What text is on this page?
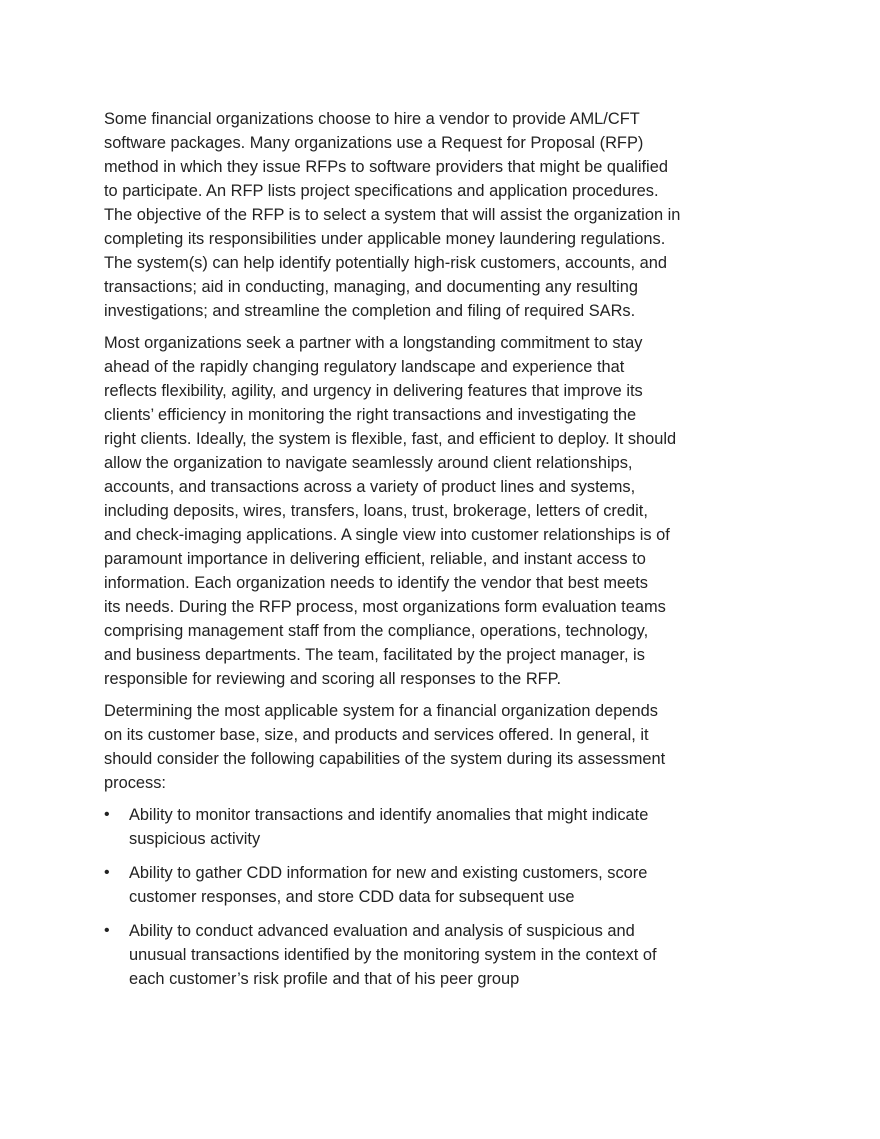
Some financial organizations choose to hire a vendor to provide AML/CFT
software packages. Many organizations use a Request for Proposal (RFP)
method in which they issue RFPs to software providers that might be qualified
to participate. An RFP lists project specifications and application procedures.
The objective of the RFP is to select a system that will assist the organization in
completing its responsibilities under applicable money laundering regulations.
The system(s) can help identify potentially high-risk customers, accounts, and
transactions; aid in conducting, managing, and documenting any resulting
investigations; and streamline the completion and filing of required SARs.

Most organizations seek a partner with a longstanding commitment to stay
ahead of the rapidly changing regulatory landscape and experience that
reflects flexibility, agility, and urgency in delivering features that improve its
clients’ efficiency in monitoring the right transactions and investigating the
right clients. Ideally, the system is flexible, fast, and efficient to deploy. It should
allow the organization to navigate seamlessly around client relationships,
accounts, and transactions across a variety of product lines and systems,
including deposits, wires, transfers, loans, trust, brokerage, letters of credit,
and check-imaging applications. A single view into customer relationships is of
paramount importance in delivering efficient, reliable, and instant access to
information. Each organization needs to identify the vendor that best meets
its needs. During the RFP process, most organizations form evaluation teams
comprising management staff from the compliance, operations, technology,
and business departments. The team, facilitated by the project manager, is
responsible for reviewing and scoring all responses to the RFP.

Determining the most applicable system for a financial organization depends
on its customer base, size, and products and services offered. In general, it
should consider the following capabilities of the system during its assessment
process:

• Ability to monitor transactions and identify anomalies that might indicate
suspicious activity
• Ability to gather CDD information for new and existing customers, score
customer responses, and store CDD data for subsequent use
• Ability to conduct advanced evaluation and analysis of suspicious and
unusual transactions identified by the monitoring system in the context of
each customer’s risk profile and that of his peer group
